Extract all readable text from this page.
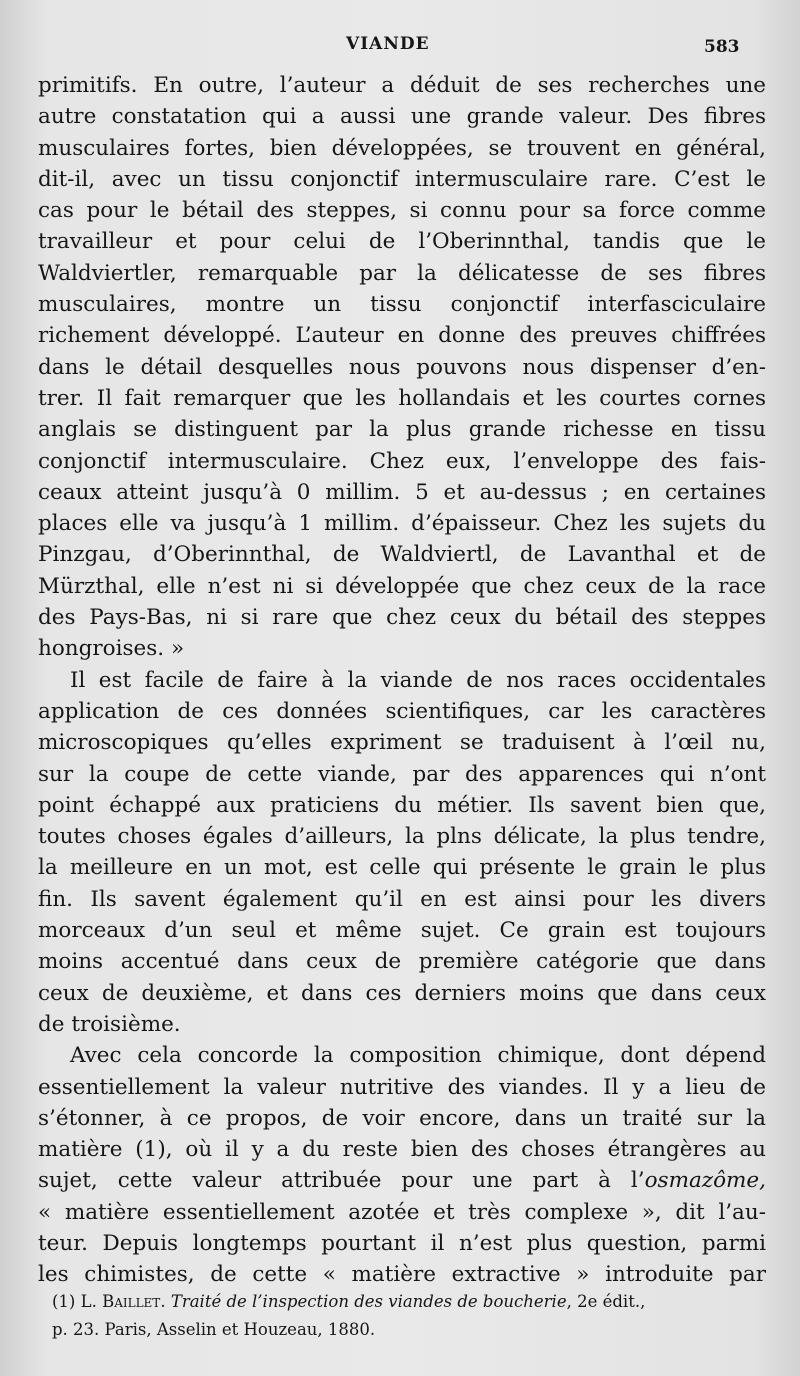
VIANDE	583
primitifs. En outre, l’auteur a déduit de ses recherches une
autre constatation qui a aussi une grande valeur. Des fibres
musculaires fortes, bien développées, se trouvent en général,
dit-il, avec un tissu conjonctif intermusculaire rare. C’est le
cas pour le bétail des steppes, si connu pour sa force comme
travailleur et pour celui de l’Oberinnthal, tandis que le
Waldviertler, remarquable par la délicatesse de ses fibres
musculaires, montre un tissu conjonctif interfasciculaire
richement développé. L’auteur en donne des preuves chiffrées
dans le détail desquelles nous pouvons nous dispenser d’en-
trer. Il fait remarquer que les hollandais et les courtes cornes
anglais se distinguent par la plus grande richesse en tissu
conjonctif intermusculaire. Chez eux, l’enveloppe des fais-
ceaux atteint jusqu’à 0 millim. 5 et au-dessus ; en certaines
places elle va jusqu’à 1 millim. d’épaisseur. Chez les sujets du
Pinzgau, d’Oberinnthal, de Waldviertl, de Lavanthal et de
Mürzthal, elle n’est ni si développée que chez ceux de la race
des Pays-Bas, ni si rare que chez ceux du bétail des steppes
hongroises. »
Il est facile de faire à la viande de nos races occidentales
application de ces données scientifiques, car les caractères
microscopiques qu’elles expriment se traduisent à l’œil nu,
sur la coupe de cette viande, par des apparences qui n’ont
point échappé aux praticiens du métier. Ils savent bien que,
toutes choses égales d’ailleurs, la plns délicate, la plus tendre,
la meilleure en un mot, est celle qui présente le grain le plus
fin. Ils savent également qu’il en est ainsi pour les divers
morceaux d’un seul et même sujet. Ce grain est toujours
moins accentué dans ceux de première catégorie que dans
ceux de deuxième, et dans ces derniers moins que dans ceux
de troisième.
Avec cela concorde la composition chimique, dont dépend
essentiellement la valeur nutritive des viandes. Il y a lieu de
s’étonner, à ce propos, de voir encore, dans un traité sur la
matière (1), où il y a du reste bien des choses étrangères au
sujet, cette valeur attribuée pour une part à l’osmazôme,
« matière essentiellement azotée et très complexe », dit l’au-
teur. Depuis longtemps pourtant il n’est plus question, parmi
les chimistes, de cette « matière extractive » introduite par
(1) L. Baillet. Traité de l’inspection des viandes de boucherie, 2e édit.,
p. 23. Paris, Asselin et Houzeau, 1880.
